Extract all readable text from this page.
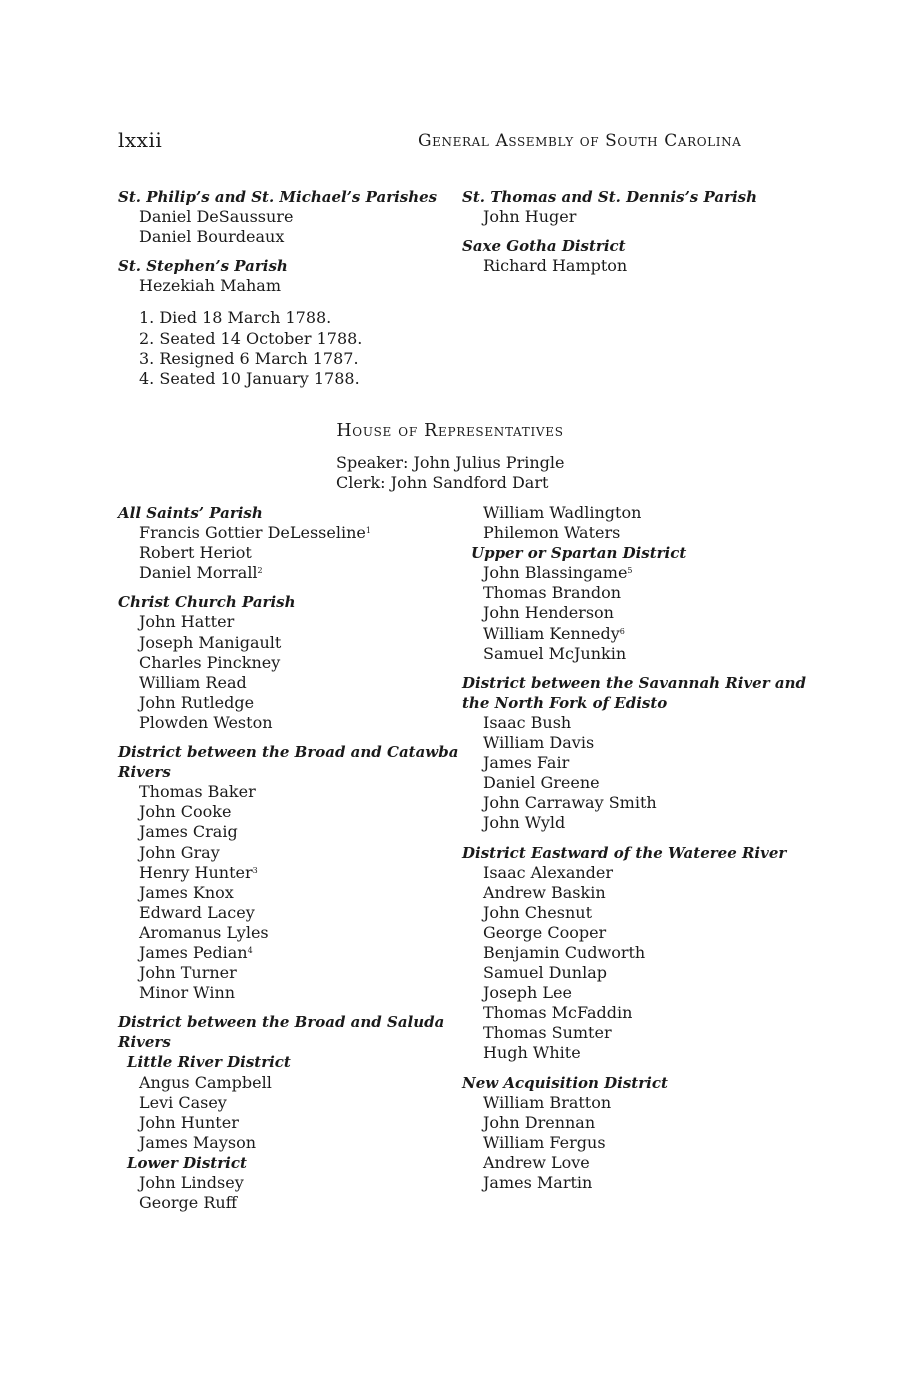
lxxii	General Assembly of South Carolina
St. Philip’s and St. Michael’s Parishes
Daniel DeSaussure
Daniel Bourdeaux
St. Stephen’s Parish
Hezekiah Maham
1. Died 18 March 1788.
2. Seated 14 October 1788.
3. Resigned 6 March 1787.
4. Seated 10 January 1788.
St. Thomas and St. Dennis’s Parish
John Huger
Saxe Gotha District
Richard Hampton
House of Representatives
Speaker: John Julius Pringle
Clerk: John Sandford Dart
All Saints’ Parish
Francis Gottier DeLesseline$^1$
Robert Heriot
Daniel Morrall$^2$
Christ Church Parish
John Hatter
Joseph Manigault
Charles Pinckney
William Read
John Rutledge
Plowden Weston
District between the Broad and Catawba
Rivers
Thomas Baker
John Cooke
James Craig
John Gray
Henry Hunter$^3$
James Knox
Edward Lacey
Aromanus Lyles
James Pedian$^4$
John Turner
Minor Winn
District between the Broad and Saluda Rivers
Little River District
Angus Campbell
Levi Casey
John Hunter
James Mayson
Lower District
John Lindsey
George Ruff
William Wadlington
Philemon Waters
Upper or Spartan District
John Blassingame$^5$
Thomas Brandon
John Henderson
William Kennedy$^6$
Samuel McJunkin
District between the Savannah River and
the North Fork of Edisto
Isaac Bush
William Davis
James Fair
Daniel Greene
John Carraway Smith
John Wyld
District Eastward of the Wateree River
Isaac Alexander
Andrew Baskin
John Chesnut
George Cooper
Benjamin Cudworth
Samuel Dunlap
Joseph Lee
Thomas McFaddin
Thomas Sumter
Hugh White
New Acquisition District
William Bratton
John Drennan
William Fergus
Andrew Love
James Martin
